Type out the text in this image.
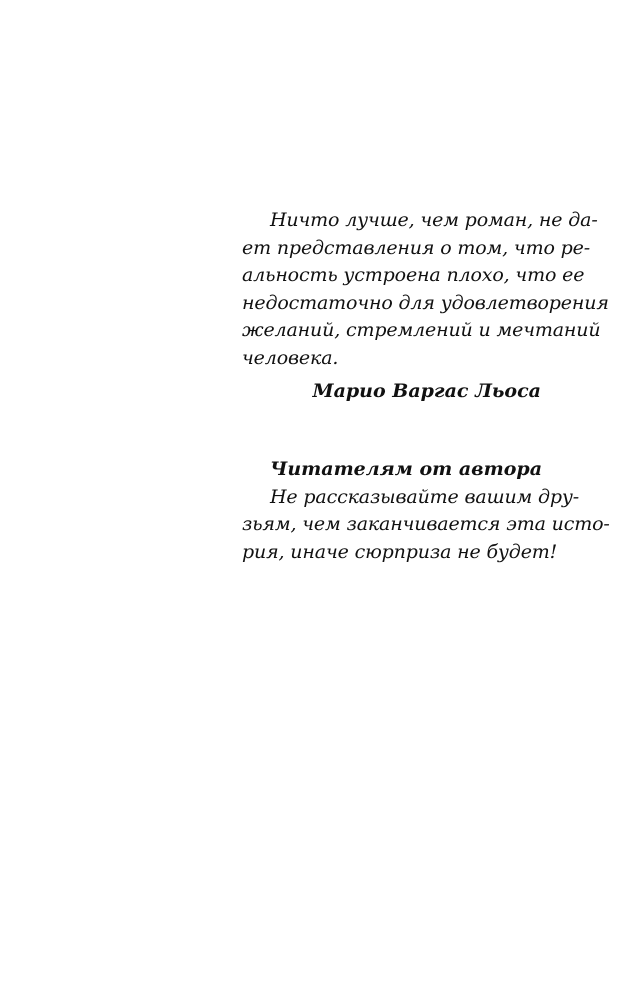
Ничто лучше, чем роман, не да-
ет представления о том, что ре-
альность устроена плохо, что ее
недостаточно для удовлетворения
желаний, стремлений и мечтаний
человека.
Марио Варгас Льоса
Читателям от автора
Не рассказывайте вашим дру-
зьям, чем заканчивается эта исто-
рия, иначе сюрприза не будет!
